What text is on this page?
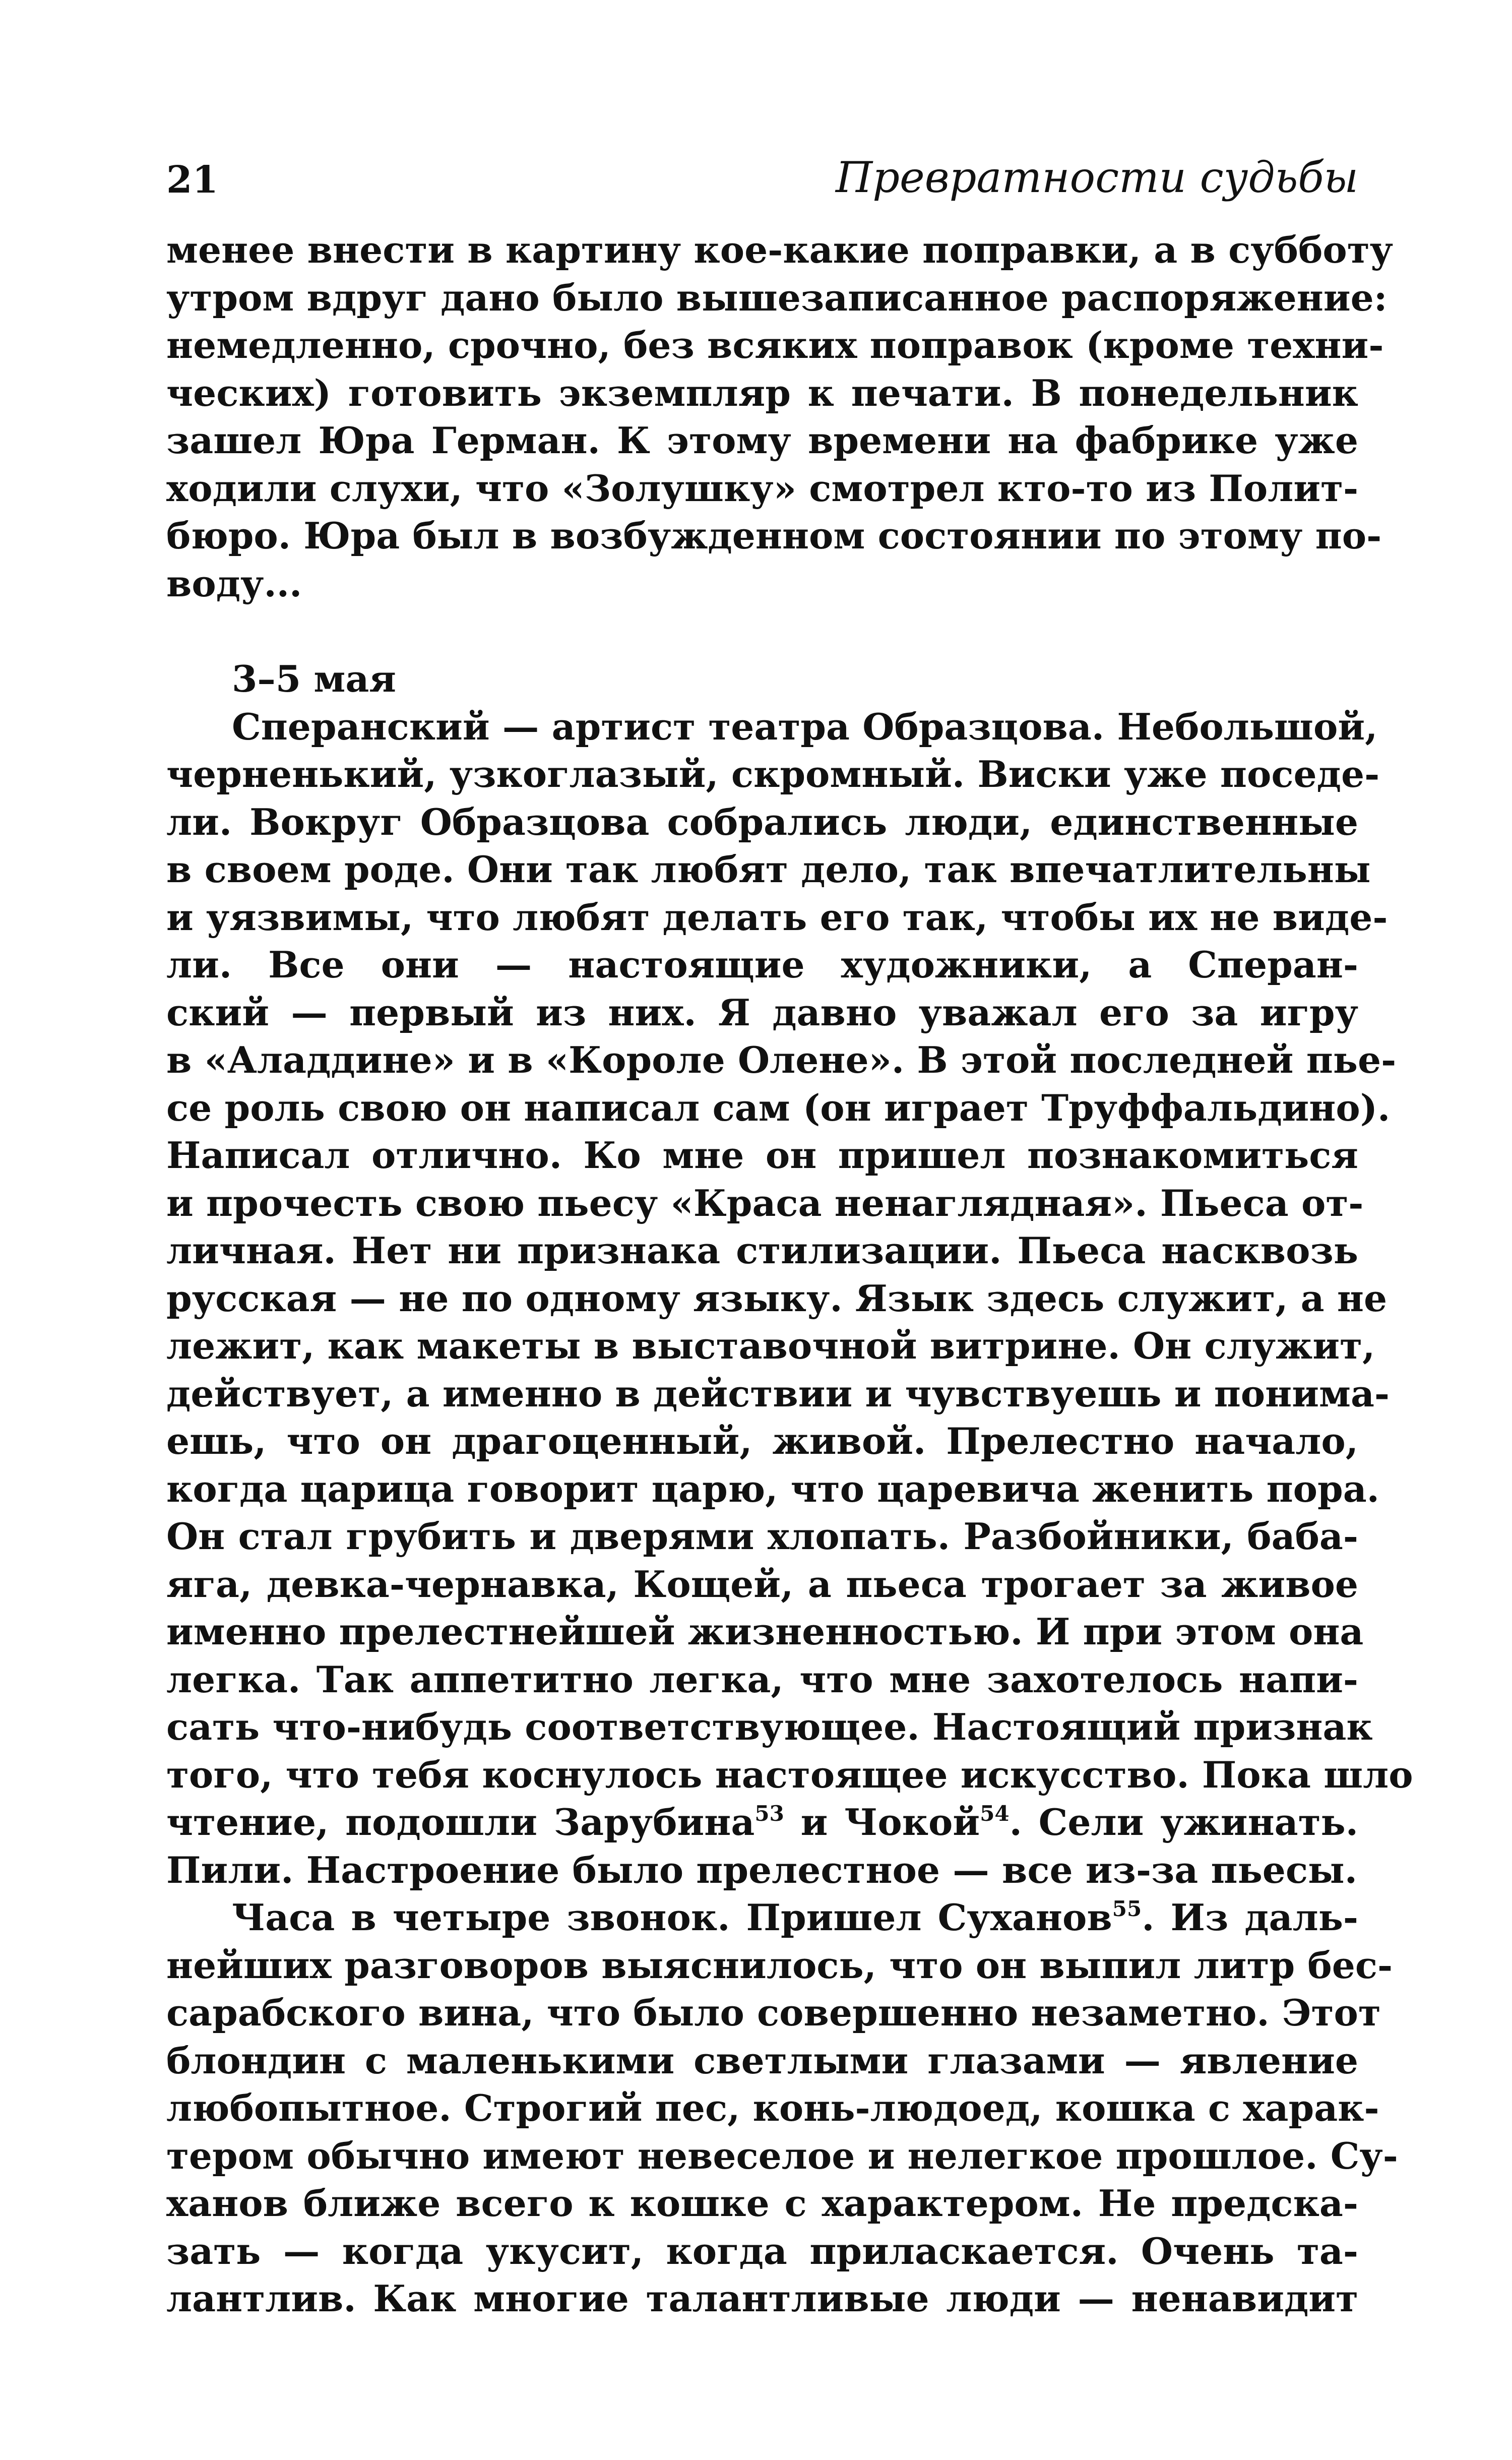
21	Превратности судьбы
менее внести в картину кое-какие поправки, а в субботу
утром вдруг дано было вышезаписанное распоряжение:
немедленно, срочно, без всяких поправок (кроме техни-
ческих) готовить экземпляр к печати. В понедельник
зашел Юра Герман. К этому времени на фабрике уже
ходили слухи, что «Золушку» смотрел кто-то из Полит-
бюро. Юра был в возбужденном состоянии по этому по-
воду...
3–5 мая
Сперанский — артист театра Образцова. Небольшой,
черненький, узкоглазый, скромный. Виски уже поседе-
ли. Вокруг Образцова собрались люди, единственные
в своем роде. Они так любят дело, так впечатлительны
и уязвимы, что любят делать его так, чтобы их не виде-
ли. Все они — настоящие художники, а Сперан-
ский — первый из них. Я давно уважал его за игру
в «Аладдине» и в «Короле Олене». В этой последней пье-
се роль свою он написал сам (он играет Труффальдино).
Написал отлично. Ко мне он пришел познакомиться
и прочесть свою пьесу «Краса ненаглядная». Пьеса от-
личная. Нет ни признака стилизации. Пьеса насквозь
русская — не по одному языку. Язык здесь служит, а не
лежит, как макеты в выставочной витрине. Он служит,
действует, а именно в действии и чувствуешь и понима-
ешь, что он драгоценный, живой. Прелестно начало,
когда царица говорит царю, что царевича женить пора.
Он стал грубить и дверями хлопать. Разбойники, баба-
яга, девка-чернавка, Кощей, а пьеса трогает за живое
именно прелестнейшей жизненностью. И при этом она
легка. Так аппетитно легка, что мне захотелось напи-
сать что-нибудь соответствующее. Настоящий признак
того, что тебя коснулось настоящее искусство. Пока шло
чтение, подошли Зарубина$^{53}$ и Чокой$^{54}$. Сели ужинать.
Пили. Настроение было прелестное — все из-за пьесы.
Часа в четыре звонок. Пришел Суханов$^{55}$. Из даль-
нейших разговоров выяснилось, что он выпил литр бес-
сарабского вина, что было совершенно незаметно. Этот
блондин с маленькими светлыми глазами — явление
любопытное. Строгий пес, конь-людоед, кошка с харак-
тером обычно имеют невеселое и нелегкое прошлое. Су-
ханов ближе всего к кошке с характером. Не предска-
зать — когда укусит, когда приласкается. Очень та-
лантлив. Как многие талантливые люди — ненавидит
